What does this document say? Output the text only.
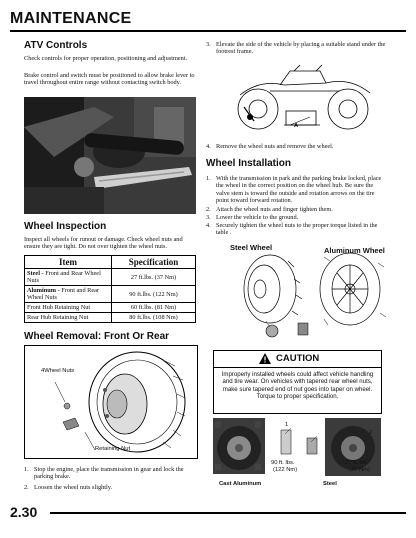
MAINTENANCE
ATV Controls

Check controls for proper operation, positioning and adjustment.

Brake control and switch must be positioned to allow brake lever to travel throughout entire range without contacting switch body.

Wheel Inspection

Inspect all wheels for runout or damage. Check wheel nuts and ensure they are tight. Do not over tighten the wheel nuts.

Item	Specification
Steel - Front and Rear Wheel Nuts	27 ft.lbs. (37 Nm)
Aluminum - Front and Rear Wheel Nuts	90 ft.lbs. (122 Nm)
Front Hub Retaining Nut	60 ft.lbs. (81 Nm)
Rear Hub Retaining Nut	80 ft.lbs. (108 Nm)
Wheel Removal: Front Or Rear
4Wheel Nuts
Retaining Nut
1. Stop the engine, place the transmission in gear and lock the parking brake.
2. Loosen the wheel nuts slightly.
3. Elevate the side of the vehicle by placing a suitable stand under the footrest frame.
A
4. Remove the wheel nuts and remove the wheel.
Wheel Installation
1. With the transmission in park and the parking brake locked, place the wheel in the correct position on the wheel hub. Be sure the valve stem is toward the outside and rotation arrows on the tire point toward forward rotation.
2. Attach the wheel nuts and finger tighten them.
3. Lower the vehicle to the ground.
4. Securely tighten the wheel nuts to the proper torque listed in the table .
Steel Wheel	Aluminum Wheel
CAUTION
Improperly installed wheels could affect vehicle handling and tire wear. On vehicles with tapered rear wheel nuts, make sure tapered end of nut goes into taper on wheel. Torque to proper specification.
1
2
90 ft. lbs.
(122 Nm)
27 ft. lbs.
(37 Nm)
Cast Aluminum	Steel
2.30
